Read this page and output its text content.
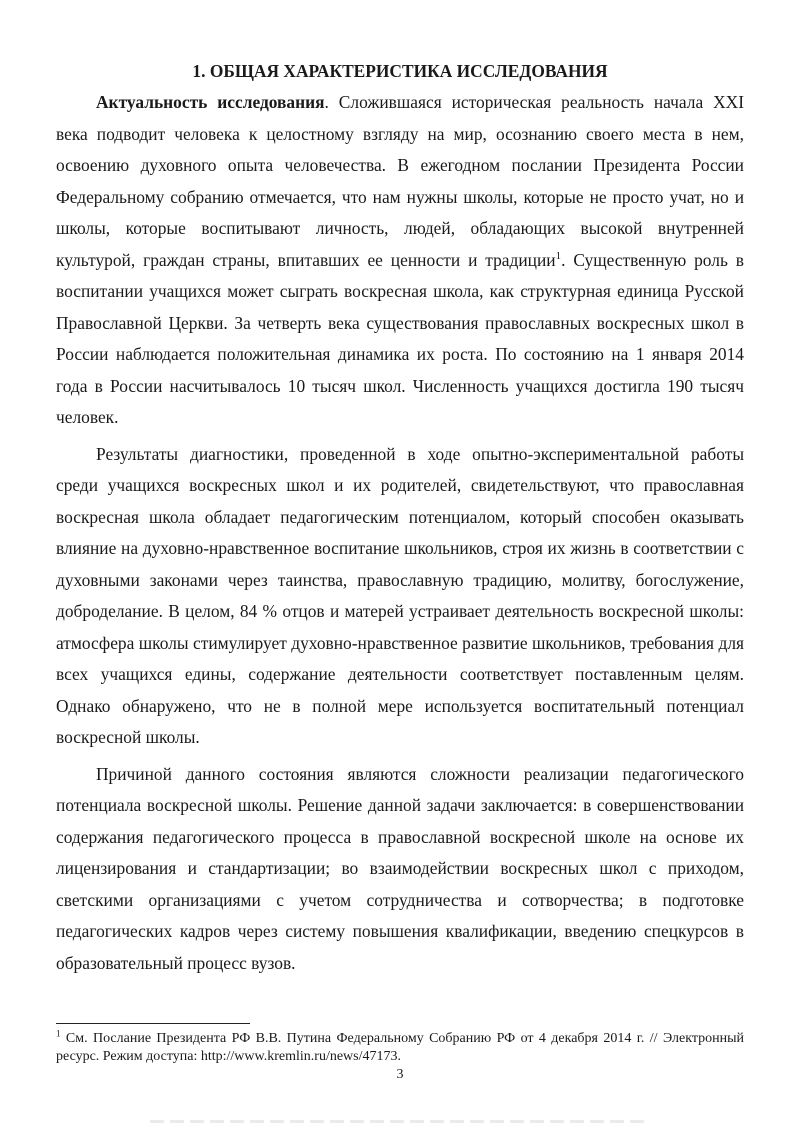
1. ОБЩАЯ ХАРАКТЕРИСТИКА ИССЛЕДОВАНИЯ

Актуальность исследования. Сложившаяся историческая реальность начала XXI века подводит человека к целостному взгляду на мир, осознанию своего места в нем, освоению духовного опыта человечества. В ежегодном послании Президента России Федеральному собранию отмечается, что нам нужны школы, которые не просто учат, но и школы, которые воспитывают личность, людей, обладающих высокой внутренней культурой, граждан страны, впитавших ее ценности и традиции$^1$. Существенную роль в воспитании учащихся может сыграть воскресная школа, как структурная единица Русской Православной Церкви. За четверть века существования православных воскресных школ в России наблюдается положительная динамика их роста. По состоянию на 1 января 2014 года в России насчитывалось 10 тысяч школ. Численность учащихся достигла 190 тысяч человек.

Результаты диагностики, проведенной в ходе опытно-экспериментальной работы среди учащихся воскресных школ и их родителей, свидетельствуют, что православная воскресная школа обладает педагогическим потенциалом, который способен оказывать влияние на духовно-нравственное воспитание школьников, строя их жизнь в соответствии с духовными законами через таинства, православную традицию, молитву, богослужение, доброделание. В целом, 84 % отцов и матерей устраивает деятельность воскресной школы: атмосфера школы стимулирует духовно-нравственное развитие школьников, требования для всех учащихся едины, содержание деятельности соответствует поставленным целям. Однако обнаружено, что не в полной мере используется воспитательный потенциал воскресной школы.

Причиной данного состояния являются сложности реализации педагогического потенциала воскресной школы. Решение данной задачи заключается: в совершенствовании содержания педагогического процесса в православной воскресной школе на основе их лицензирования и стандартизации; во взаимодействии воскресных школ с приходом, светскими организациями с учетом сотрудничества и сотворчества; в подготовке педагогических кадров через систему повышения квалификации, введению спецкурсов в образовательный процесс вузов.

$^1$ См. Послание Президента РФ В.В. Путина Федеральному Собранию РФ от 4 декабря 2014 г. // Электронный ресурс. Режим доступа: http://www.kremlin.ru/news/47173.
3
